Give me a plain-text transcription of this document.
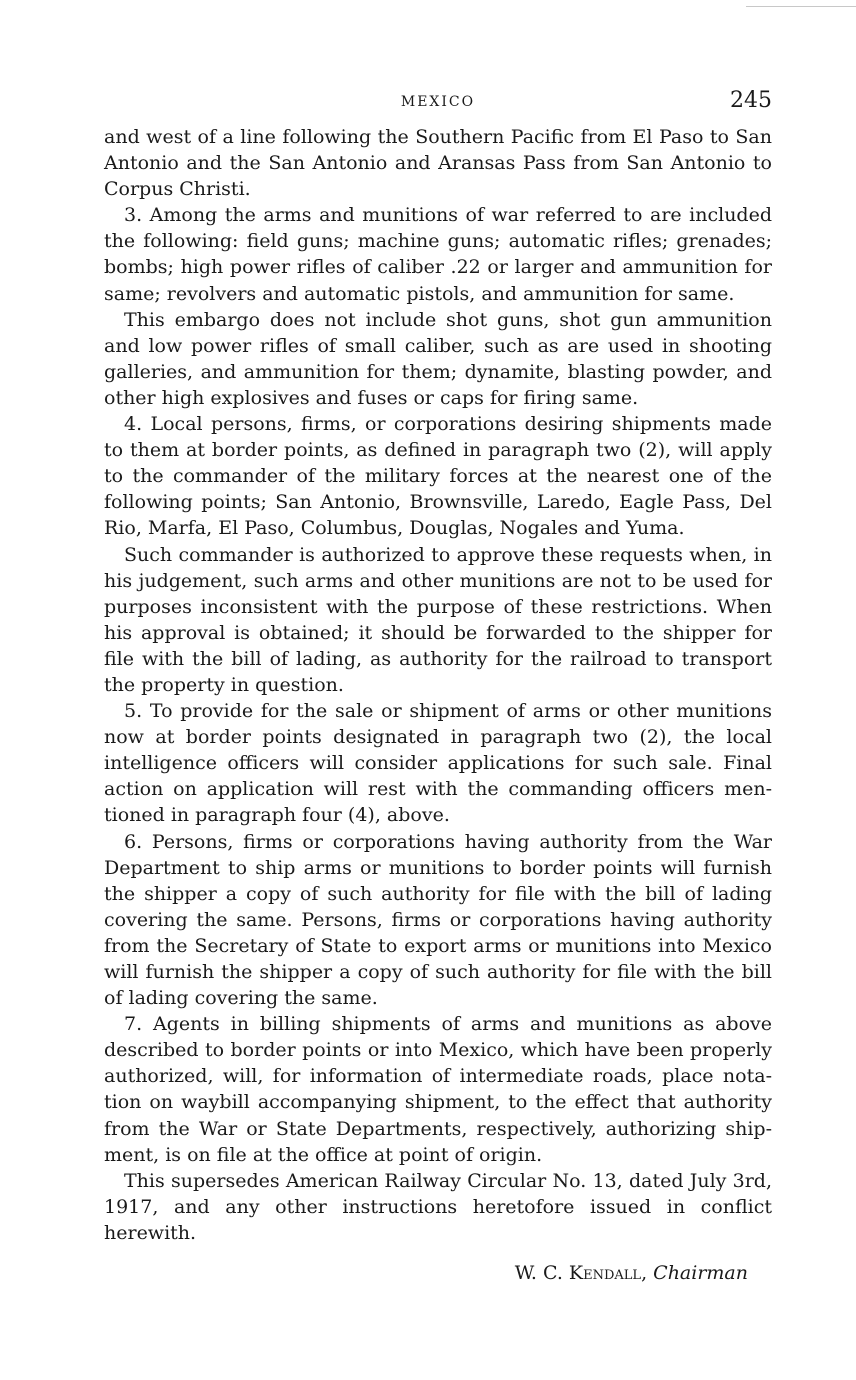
MEXICO	245

and west of a line following the Southern Pacific from El Paso to San Antonio and the San Antonio and Aransas Pass from San Antonio to Corpus Christi.

3. Among the arms and munitions of war referred to are included the following: field guns; machine guns; automatic rifles; grenades; bombs; high power rifles of caliber .22 or larger and ammunition for same; revolvers and automatic pistols, and ammunition for same.

This embargo does not include shot guns, shot gun ammunition and low power rifles of small caliber, such as are used in shooting galleries, and ammunition for them; dynamite, blasting powder, and other high explosives and fuses or caps for firing same.

4. Local persons, firms, or corporations desiring shipments made to them at border points, as defined in paragraph two (2), will apply to the commander of the military forces at the nearest one of the following points; San Antonio, Brownsville, Laredo, Eagle Pass, Del Rio, Marfa, El Paso, Columbus, Douglas, Nogales and Yuma.

Such commander is authorized to approve these requests when, in his judgement, such arms and other munitions are not to be used for purposes inconsistent with the purpose of these restrictions. When his approval is obtained; it should be forwarded to the shipper for file with the bill of lading, as authority for the railroad to transport the property in question.

5. To provide for the sale or shipment of arms or other munitions now at border points designated in paragraph two (2), the local intelligence officers will consider applications for such sale. Final action on application will rest with the commanding officers mentioned in paragraph four (4), above.

6. Persons, firms or corporations having authority from the War Department to ship arms or munitions to border points will furnish the shipper a copy of such authority for file with the bill of lading covering the same. Persons, firms or corporations having authority from the Secretary of State to export arms or munitions into Mexico will furnish the shipper a copy of such authority for file with the bill of lading covering the same.

7. Agents in billing shipments of arms and munitions as above described to border points or into Mexico, which have been properly authorized, will, for information of intermediate roads, place notation on waybill accompanying shipment, to the effect that authority from the War or State Departments, respectively, authorizing shipment, is on file at the office at point of origin.

This supersedes American Railway Circular No. 13, dated July 3rd, 1917, and any other instructions heretofore issued in conflict herewith.

W. C. Kendall, Chairman
